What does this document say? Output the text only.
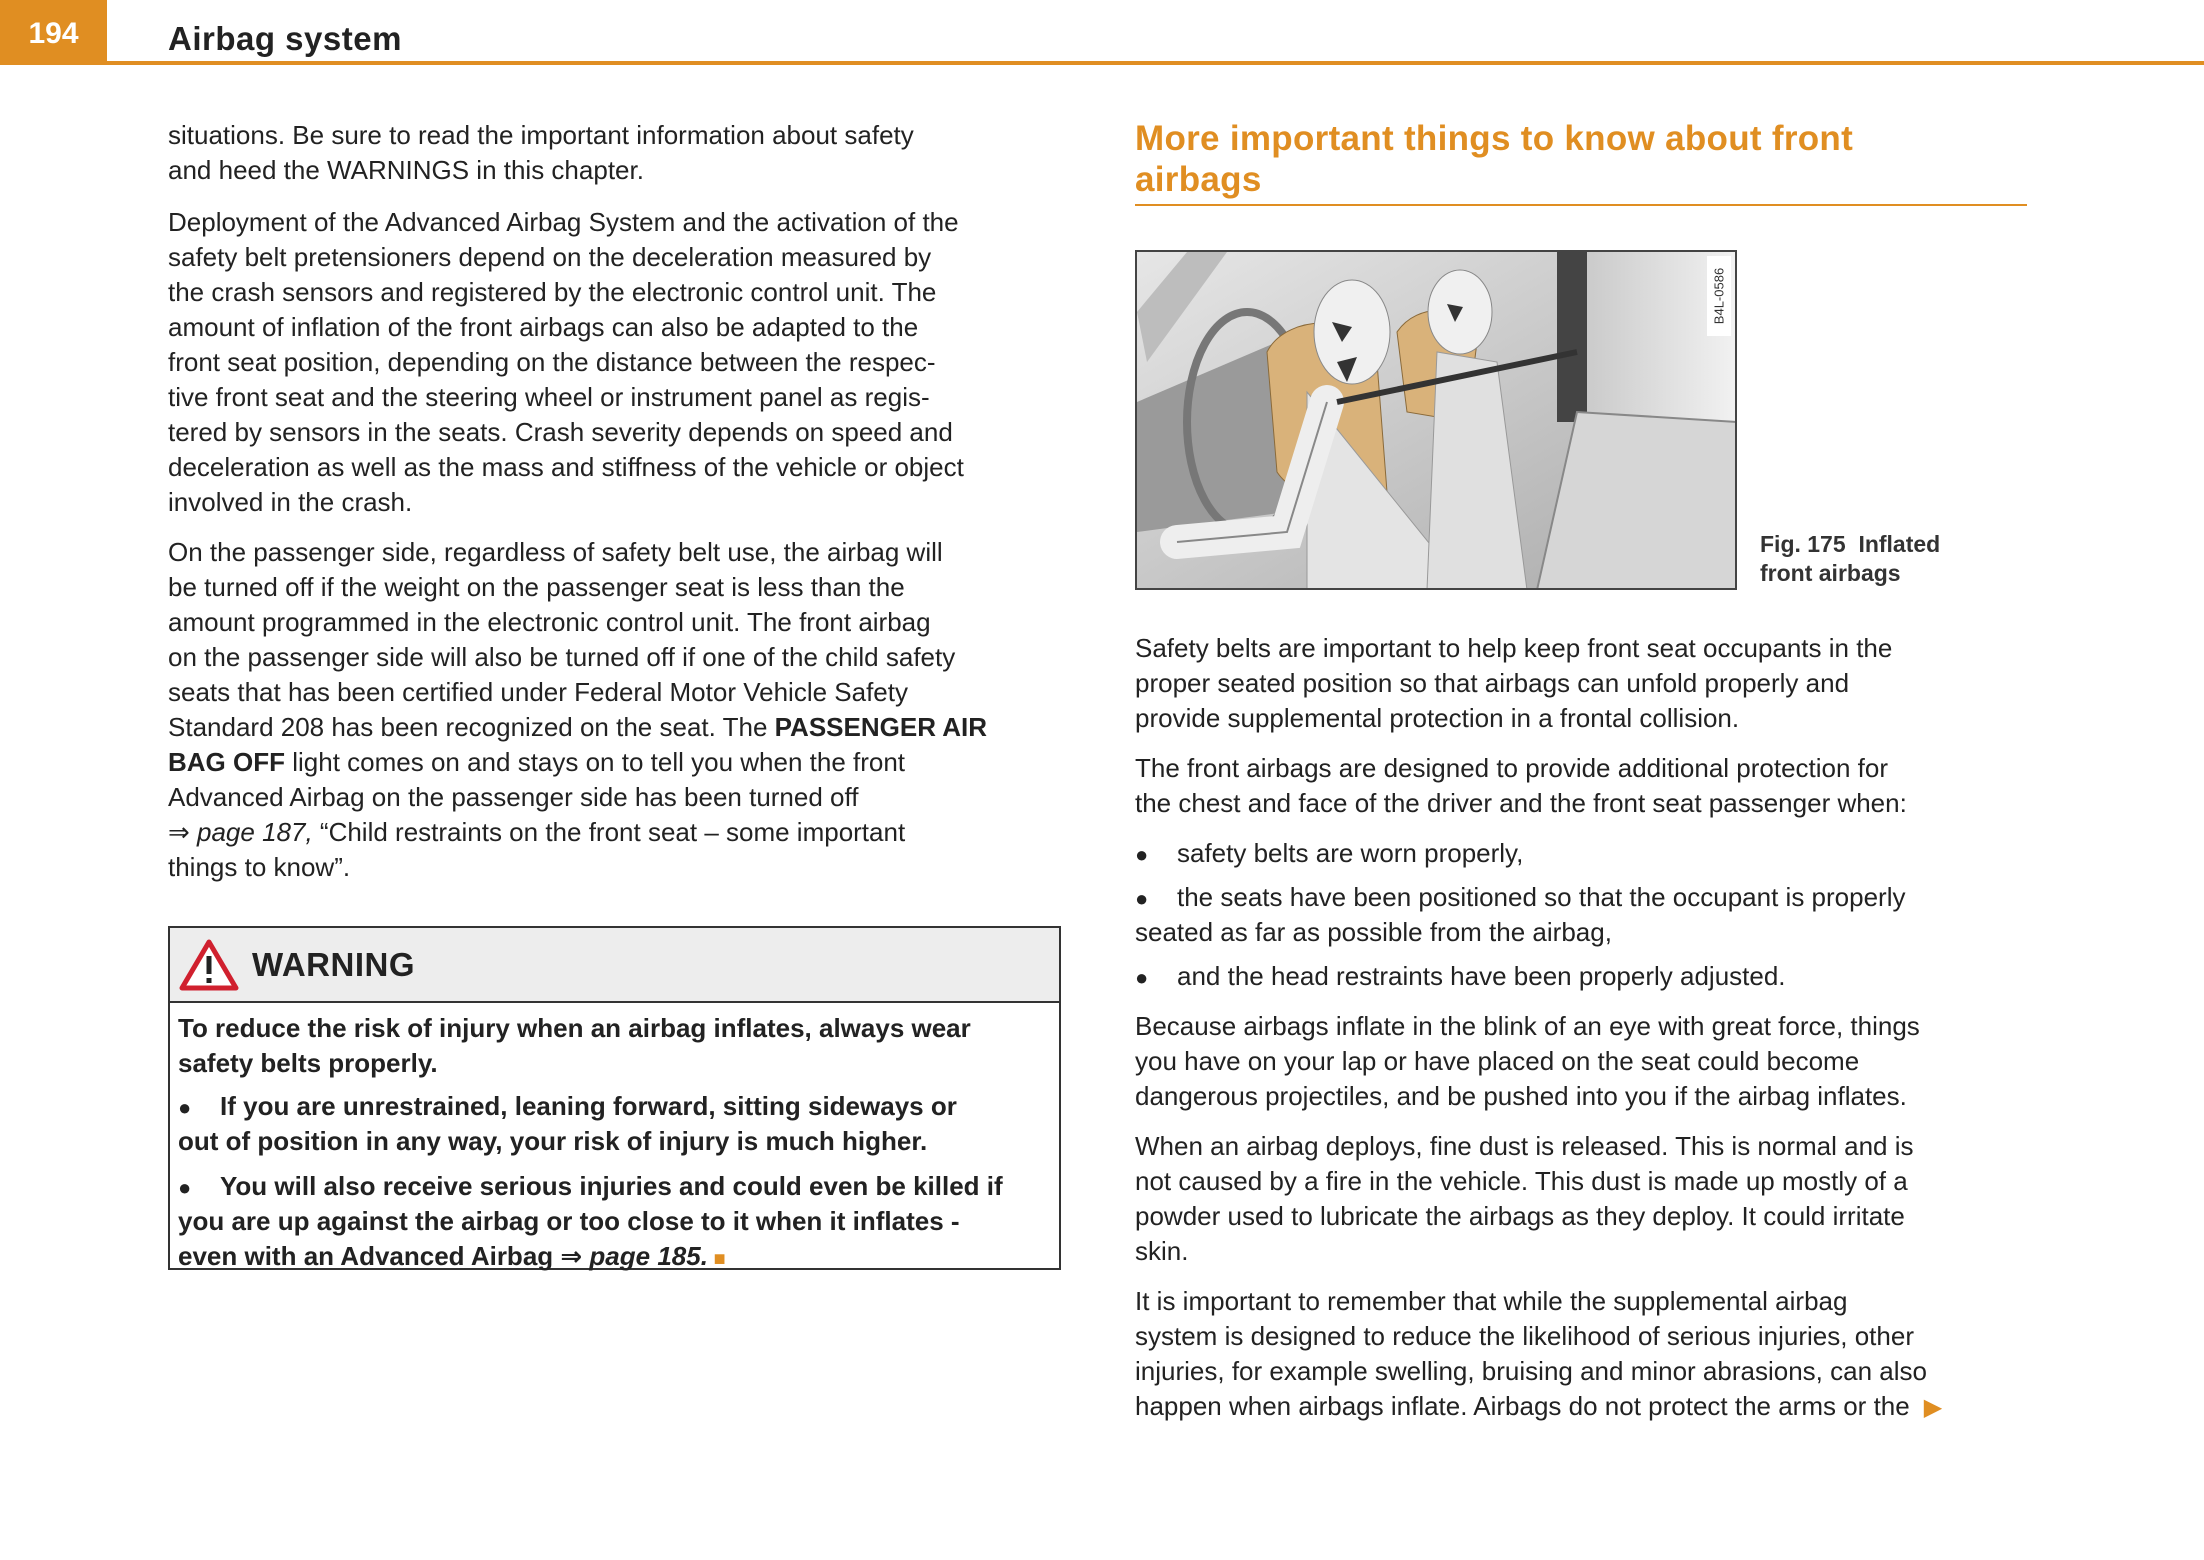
194	Airbag system
situations. Be sure to read the important information about safety
and heed the WARNINGS in this chapter.
Deployment of the Advanced Airbag System and the activation of the
safety belt pretensioners depend on the deceleration measured by
the crash sensors and registered by the electronic control unit. The
amount of inflation of the front airbags can also be adapted to the
front seat position, depending on the distance between the respec-
tive front seat and the steering wheel or instrument panel as regis-
tered by sensors in the seats. Crash severity depends on speed and
deceleration as well as the mass and stiffness of the vehicle or object
involved in the crash.
On the passenger side, regardless of safety belt use, the airbag will
be turned off if the weight on the passenger seat is less than the
amount programmed in the electronic control unit. The front airbag
on the passenger side will also be turned off if one of the child safety
seats that has been certified under Federal Motor Vehicle Safety
Standard 208 has been recognized on the seat. The PASSENGER AIR
BAG OFF light comes on and stays on to tell you when the front
Advanced Airbag on the passenger side has been turned off
⇒ page 187, “Child restraints on the front seat – some important
things to know”.
WARNING
To reduce the risk of injury when an airbag inflates, always wear
safety belts properly.
● If you are unrestrained, leaning forward, sitting sideways or
out of position in any way, your risk of injury is much higher.
● You will also receive serious injuries and could even be killed if
you are up against the airbag or too close to it when it inflates -
even with an Advanced Airbag ⇒ page 185. ■
More important things to know about front
airbags
B4L-0586
Fig. 175 Inflated
front airbags
Safety belts are important to help keep front seat occupants in the
proper seated position so that airbags can unfold properly and
provide supplemental protection in a frontal collision.
The front airbags are designed to provide additional protection for
the chest and face of the driver and the front seat passenger when:
● safety belts are worn properly,
● the seats have been positioned so that the occupant is properly
seated as far as possible from the airbag,
● and the head restraints have been properly adjusted.
Because airbags inflate in the blink of an eye with great force, things
you have on your lap or have placed on the seat could become
dangerous projectiles, and be pushed into you if the airbag inflates.
When an airbag deploys, fine dust is released. This is normal and is
not caused by a fire in the vehicle. This dust is made up mostly of a
powder used to lubricate the airbags as they deploy. It could irritate
skin.
It is important to remember that while the supplemental airbag
system is designed to reduce the likelihood of serious injuries, other
injuries, for example swelling, bruising and minor abrasions, can also
happen when airbags inflate. Airbags do not protect the arms or the ▶
